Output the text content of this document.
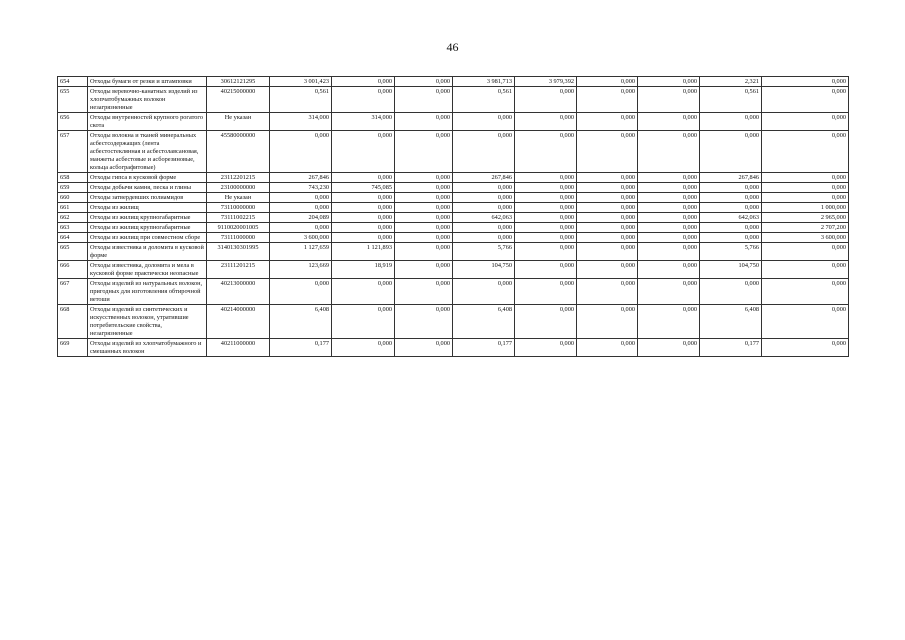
46
654	Отходы бумаги от резки и штамповки	30612121295	3 001,423	0,000	0,000	3 981,713	3 979,392	0,000	0,000	2,321	0,000
655	Отходы веревочно-канатных изделий из хлопчатобумажных волокон незагрязненные	40215000000	0,561	0,000	0,000	0,561	0,000	0,000	0,000	0,561	0,000
656	Отходы внутренностей крупного рогатого скота	Не указан	314,000	314,000	0,000	0,000	0,000	0,000	0,000	0,000	0,000
657	Отходы волокна и тканей минеральных асбестсодержащих (лента асбестостеклянная и асбестолавсановая, манжеты асбестовые и асборезиновые, кольца асбографитовые)	45580000000	0,000	0,000	0,000	0,000	0,000	0,000	0,000	0,000	0,000
658	Отходы гипса в кусковой форме	23112201215	267,846	0,000	0,000	267,846	0,000	0,000	0,000	267,846	0,000
659	Отходы добычи камня, песка и глины	23100000000	743,230	745,085	0,000	0,000	0,000	0,000	0,000	0,000	0,000
660	Отходы затвердевших полиамидов	Не указан	0,000	0,000	0,000	0,000	0,000	0,000	0,000	0,000	0,000
661	Отходы из жилищ	73110000000	0,000	0,000	0,000	0,000	0,000	0,000	0,000	0,000	1 000,000
662	Отходы из жилищ крупногабаритные	73111002215	204,089	0,000	0,000	642,063	0,000	0,000	0,000	642,063	2 965,000
663	Отходы из жилищ крупногабаритные	9110020001005	0,000	0,000	0,000	0,000	0,000	0,000	0,000	0,000	2 707,200
664	Отходы из жилищ при совместном сборе	73111000000	3 600,000	0,000	0,000	0,000	0,000	0,000	0,000	0,000	3 600,000
665	Отходы известняка и доломита в кусковой форме	3140130301995	1 127,659	1 121,893	0,000	5,766	0,000	0,000	0,000	5,766	0,000
666	Отходы известняка, доломита и мела в кусковой форме практически неопасные	23111201215	123,669	18,919	0,000	104,750	0,000	0,000	0,000	104,750	0,000
667	Отходы изделий из натуральных волокон, пригодных для изготовления обтирочной ветоши	40213000000	0,000	0,000	0,000	0,000	0,000	0,000	0,000	0,000	0,000
668	Отходы изделий из синтетических и искусственных волокон, утратившие потребительские свойства, незагрязненные	40214000000	6,408	0,000	0,000	6,408	0,000	0,000	0,000	6,408	0,000
669	Отходы изделий из хлопчатобумажного и смешанных волокон	40211000000	0,177	0,000	0,000	0,177	0,000	0,000	0,000	0,177	0,000
